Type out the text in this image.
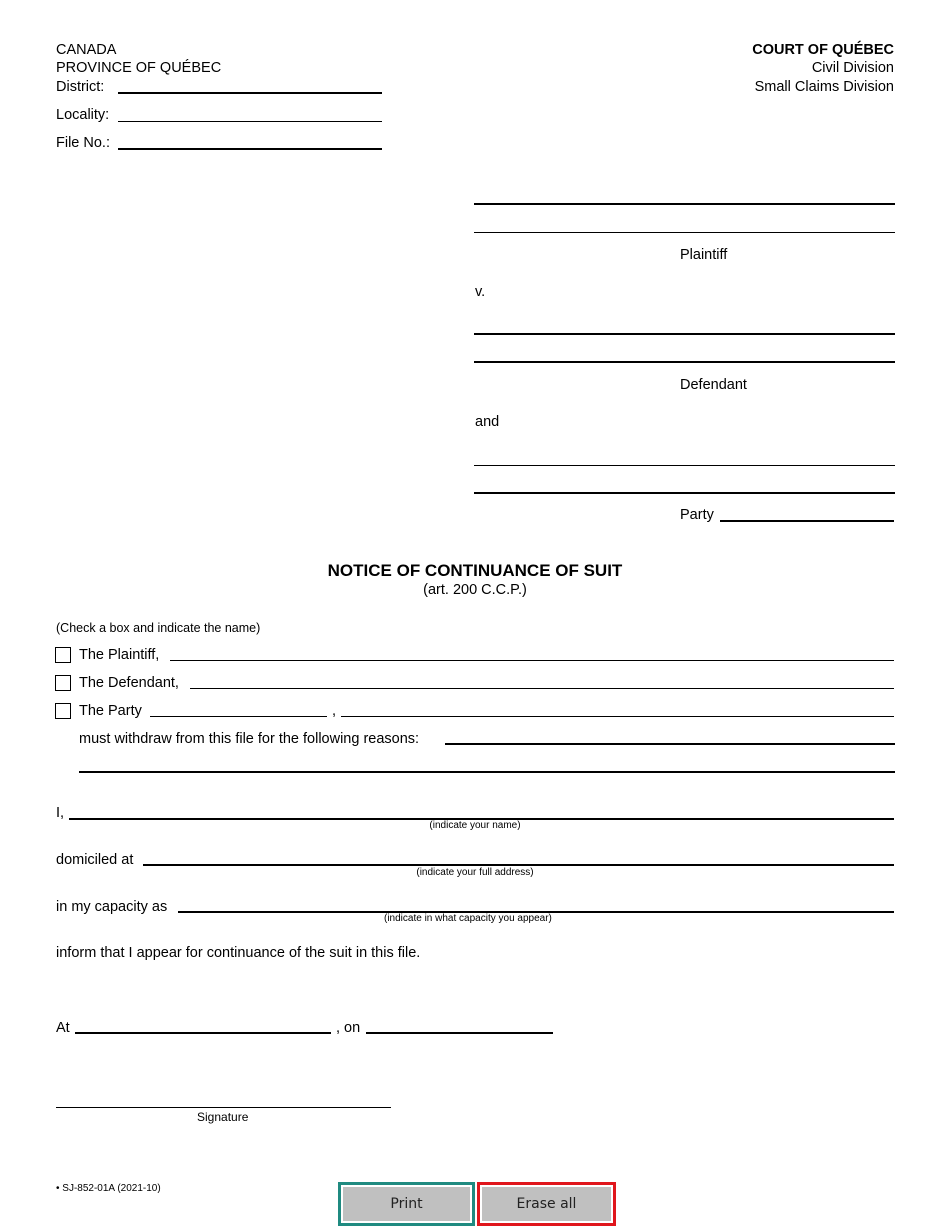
CANADA
PROVINCE OF QUÉBEC
District:
Locality:
File No.:
COURT OF QUÉBEC
Civil Division
Small Claims Division
Plaintiff
v.
Defendant
and
Party
NOTICE OF CONTINUANCE OF SUIT
(art. 200 C.C.P.)
(Check a box and indicate the name)
The Plaintiff,
The Defendant,
The Party	,
must withdraw from this file for the following reasons:
I,
(indicate your name)
domiciled at
(indicate your full address)
in my capacity as
(indicate in what capacity you appear)
inform that I appear for continuance of the suit in this file.
At	, on
Signature
• SJ-852-01A (2021-10)
Print	Erase all
